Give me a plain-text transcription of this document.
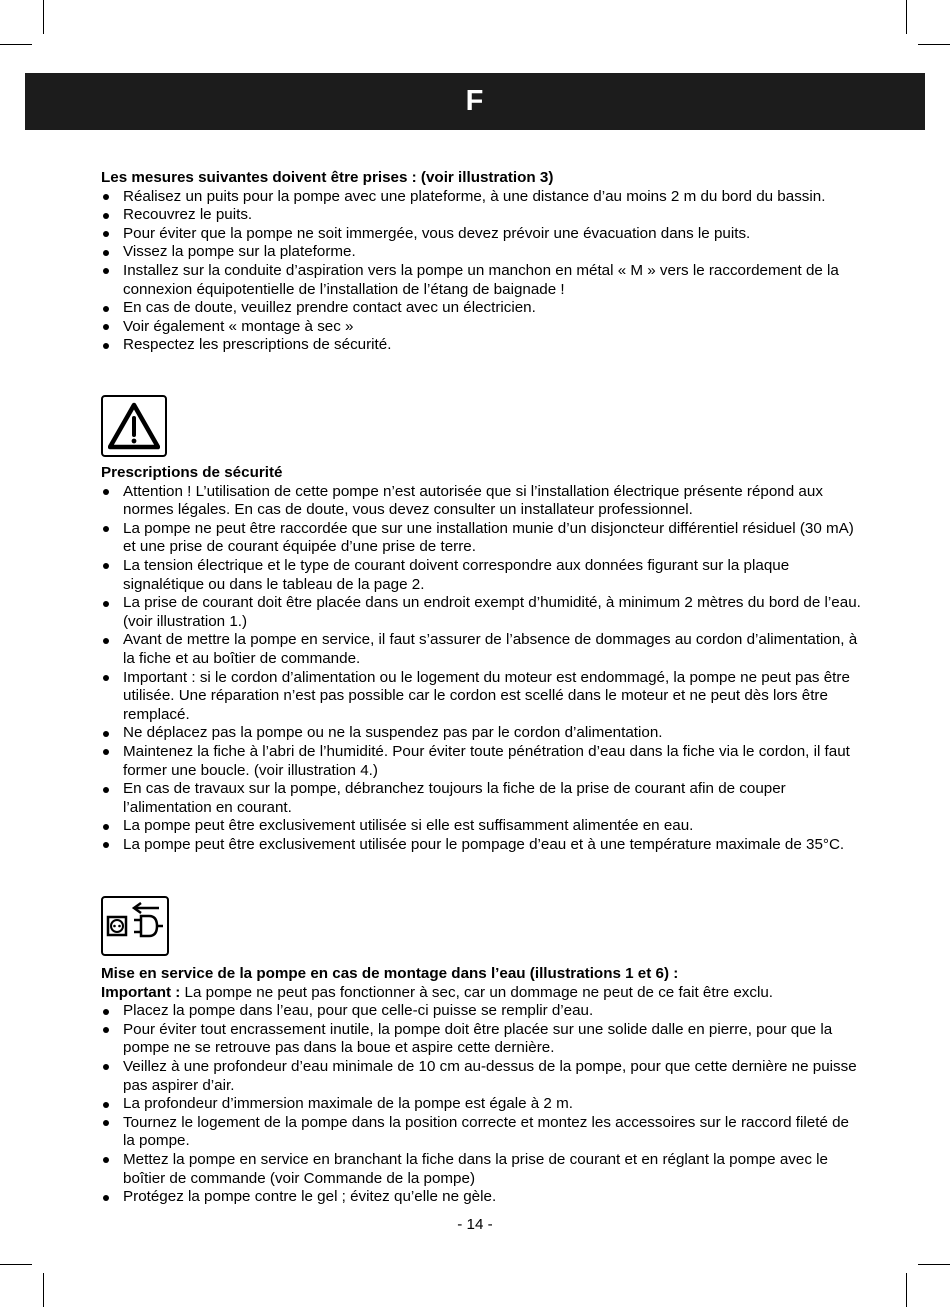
F

Les mesures suivantes doivent être prises : (voir illustration 3)

Réalisez un puits pour la pompe avec une plateforme, à une distance d’au moins 2 m du bord du bassin.
Recouvrez le puits.
Pour éviter que la pompe ne soit immergée, vous devez prévoir une évacuation dans le puits.
Vissez la pompe sur la plateforme.
Installez sur la conduite d’aspiration vers la pompe un manchon en métal « M » vers le raccordement de la connexion équipotentielle de l’installation de l’étang de baignade !
En cas de doute, veuillez prendre contact avec un électricien.
Voir également « montage à sec »
Respectez les prescriptions de sécurité.

Prescriptions de sécurité

Attention ! L’utilisation de cette pompe n’est autorisée que si l’installation électrique présente répond aux normes légales. En cas de doute, vous devez consulter un installateur professionnel.
La pompe ne peut être raccordée que sur une installation munie d’un disjoncteur différentiel résiduel (30 mA) et une prise de courant équipée d’une prise de terre.
La tension électrique et le type de courant doivent correspondre aux données figurant sur la plaque signalétique ou dans le tableau de la page 2.
La prise de courant doit être placée dans un endroit exempt d’humidité, à minimum 2 mètres du bord de l’eau. (voir illustration 1.)
Avant de mettre la pompe en service, il faut s’assurer de l’absence de dommages au cordon d’alimentation, à la fiche et au boîtier de commande.
Important : si le cordon d’alimentation ou le logement du moteur est endommagé, la pompe ne peut pas être utilisée. Une réparation n’est pas possible car le cordon est scellé dans le moteur et ne peut dès lors être remplacé.
Ne déplacez pas la pompe ou ne la suspendez pas par le cordon d’alimentation.
Maintenez la fiche à l’abri de l’humidité. Pour éviter toute pénétration d’eau dans la fiche via le cordon, il faut former une boucle. (voir illustration 4.)
En cas de travaux sur la pompe, débranchez toujours la fiche de la prise de courant afin de couper l’alimentation en courant.
La pompe peut être exclusivement utilisée si elle est suffisamment alimentée en eau.
La pompe peut être exclusivement utilisée pour le pompage d’eau et à une température maximale de 35°C.

Mise en service de la pompe en cas de montage dans l’eau (illustrations 1 et 6) :

Important : La pompe ne peut pas fonctionner à sec, car un dommage ne peut de ce fait être exclu.

Placez la pompe dans l’eau, pour que celle-ci puisse se remplir d’eau.
Pour éviter tout encrassement inutile, la pompe doit être placée sur une solide dalle en pierre, pour que la pompe ne se retrouve pas dans la boue et aspire cette dernière.
Veillez à une profondeur d’eau minimale de 10 cm au-dessus de la pompe, pour que cette dernière ne puisse pas aspirer d’air.
La profondeur d’immersion maximale de la pompe est égale à 2 m.
Tournez le logement de la pompe dans la position correcte et montez les accessoires sur le raccord fileté de la pompe.
Mettez la pompe en service en branchant la fiche dans la prise de courant et en réglant la pompe avec le boîtier de commande (voir Commande de la pompe)
Protégez la pompe contre le gel ; évitez qu’elle ne gèle.
- 14 -
